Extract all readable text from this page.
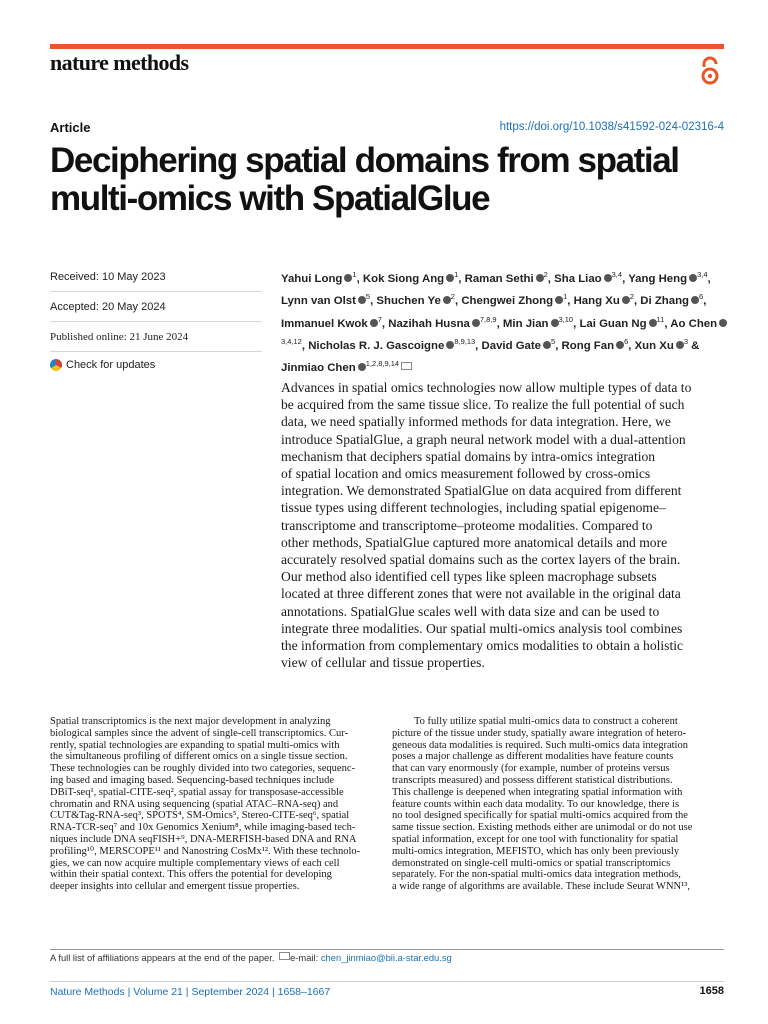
nature methods
Article	https://doi.org/10.1038/s41592-024-02316-4
Deciphering spatial domains from spatial
multi-omics with SpatialGlue
Received: 10 May 2023
Accepted: 20 May 2024
Published online: 21 June 2024
Check for updates
Yahui Long $^1$, Kok Siong Ang $^1$, Raman Sethi $^2$, Sha Liao $^{3,4}$, Yang Heng $^{3,4}$, Lynn van Olst $^5$, Shuchen Ye $^2$, Chengwei Zhong $^1$, Hang Xu $^2$, Di Zhang $^6$, Immanuel Kwok $^7$, Nazihah Husna $^{7,8,9}$, Min Jian $^{3,10}$, Lai Guan Ng $^{11}$, Ao Chen$^{3,4,12}$, Nicholas R. J. Gascoigne $^{8,9,13}$, David Gate $^5$, Rong Fan $^6$, Xun Xu $^3$ & Jinmiao Chen $^{1,2,8,9,14}$
Advances in spatial omics technologies now allow multiple types of data to
be acquired from the same tissue slice. To realize the full potential of such
data, we need spatially informed methods for data integration. Here, we
introduce SpatialGlue, a graph neural network model with a dual-attention
mechanism that deciphers spatial domains by intra-omics integration
of spatial location and omics measurement followed by cross-omics
integration. We demonstrated SpatialGlue on data acquired from different
tissue types using different technologies, including spatial epigenome–
transcriptome and transcriptome–proteome modalities. Compared to
other methods, SpatialGlue captured more anatomical details and more
accurately resolved spatial domains such as the cortex layers of the brain.
Our method also identified cell types like spleen macrophage subsets
located at three different zones that were not available in the original data
annotations. SpatialGlue scales well with data size and can be used to
integrate three modalities. Our spatial multi-omics analysis tool combines
the information from complementary omics modalities to obtain a holistic
view of cellular and tissue properties.
Spatial transcriptomics is the next major development in analyzing
biological samples since the advent of single-cell transcriptomics. Cur-
rently, spatial technologies are expanding to spatial multi-omics with
the simultaneous profiling of different omics on a single tissue section.
These technologies can be roughly divided into two categories, sequenc-
ing based and imaging based. Sequencing-based techniques include
DBiT-seq¹, spatial-CITE-seq², spatial assay for transposase-accessible
chromatin and RNA using sequencing (spatial ATAC–RNA-seq) and
CUT&Tag-RNA-seq³, SPOTS⁴, SM-Omics⁵, Stereo-CITE-seq⁶, spatial
RNA-TCR-seq⁷ and 10x Genomics Xenium⁸, while imaging-based tech-
niques include DNA seqFISH+⁹, DNA-MERFISH-based DNA and RNA
profiling¹⁰, MERSCOPE¹¹ and Nanostring CosMx¹². With these technolo-
gies, we can now acquire multiple complementary views of each cell
within their spatial context. This offers the potential for developing
deeper insights into cellular and emergent tissue properties.
To fully utilize spatial multi-omics data to construct a coherent
picture of the tissue under study, spatially aware integration of hetero-
geneous data modalities is required. Such multi-omics data integration
poses a major challenge as different modalities have feature counts
that can vary enormously (for example, number of proteins versus
transcripts measured) and possess different statistical distributions.
This challenge is deepened when integrating spatial information with
feature counts within each data modality. To our knowledge, there is
no tool designed specifically for spatial multi-omics acquired from the
same tissue section. Existing methods either are unimodal or do not use
spatial information, except for one tool with functionality for spatial
multi-omics integration, MEFISTO, which has only been previously
demonstrated on single-cell multi-omics or spatial transcriptomics
separately. For the non-spatial multi-omics data integration methods,
a wide range of algorithms are available. These include Seurat WNN¹³,
A full list of affiliations appears at the end of the paper. e-mail: chen_jinmiao@bii.a-star.edu.sg
Nature Methods | Volume 21 | September 2024 | 1658–1667	1658
